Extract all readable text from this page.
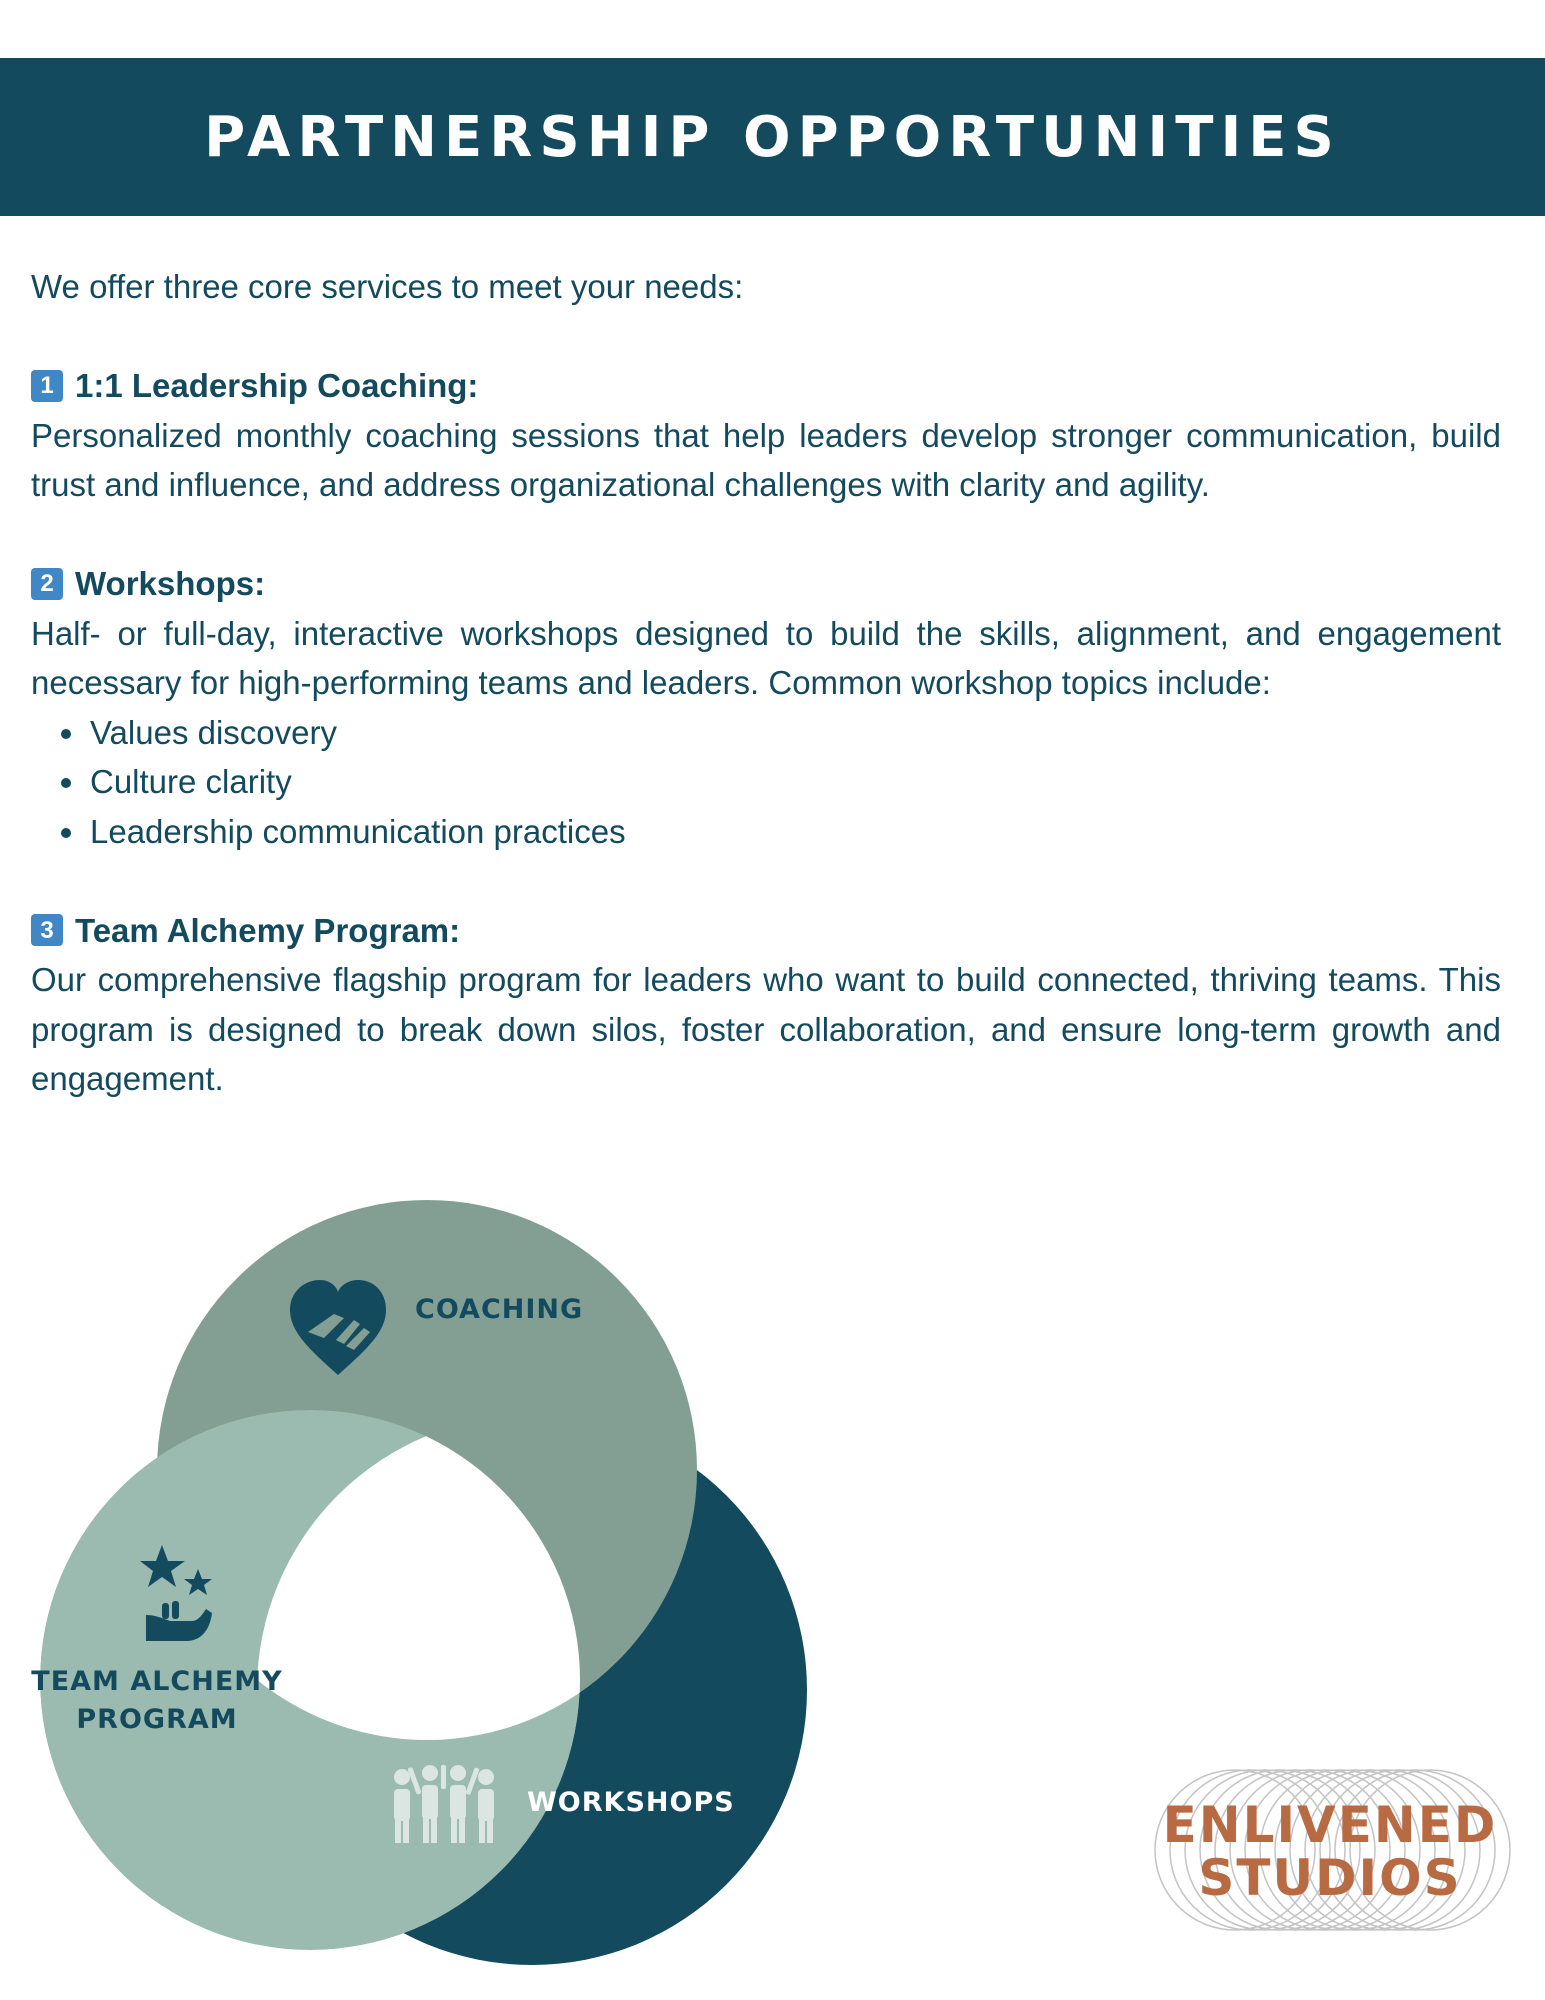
PARTNERSHIP OPPORTUNITIES

We offer three core services to meet your needs:

1 1:1 Leadership Coaching:

Personalized monthly coaching sessions that help leaders develop stronger communication, build trust and influence, and address organizational challenges with clarity and agility.

2 Workshops:

Half- or full-day, interactive workshops designed to build the skills, alignment, and engagement necessary for high-performing teams and leaders. Common workshop topics include:

• Values discovery
• Culture clarity
• Leadership communication practices
3 Team Alchemy Program:

Our comprehensive flagship program for leaders who want to build connected, thriving teams. This program is designed to break down silos, foster collaboration, and ensure long-term growth and engagement.

COACHING
TEAM ALCHEMY
PROGRAM
WORKSHOPS	ENLIVENED
STUDIOS
